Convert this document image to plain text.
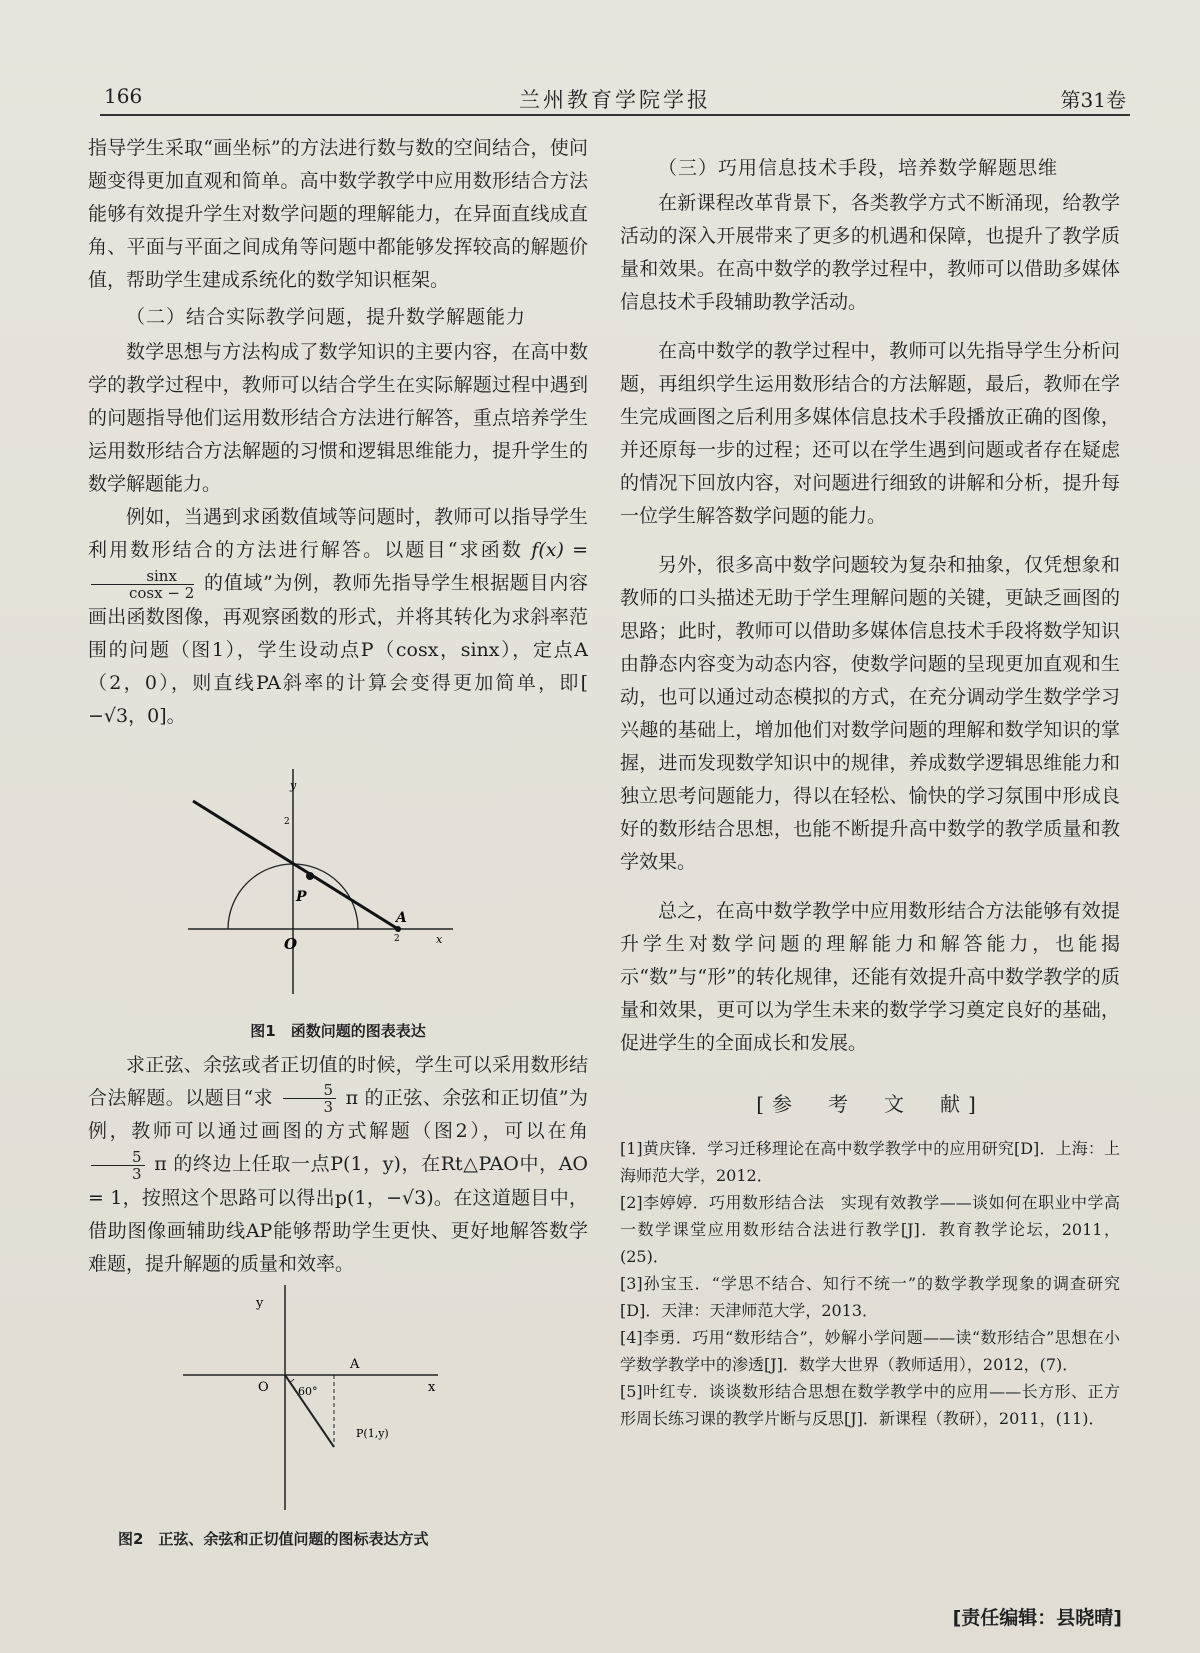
166	兰州教育学院学报	第31卷

指导学生采取“画坐标”的方法进行数与数的空间结合，使问题变得更加直观和简单。高中数学教学中应用数形结合方法能够有效提升学生对数学问题的理解能力，在异面直线成直角、平面与平面之间成角等问题中都能够发挥较高的解题价值，帮助学生建成系统化的数学知识框架。

（二）结合实际教学问题，提升数学解题能力

数学思想与方法构成了数学知识的主要内容，在高中数学的教学过程中，教师可以结合学生在实际解题过程中遇到的问题指导他们运用数形结合方法进行解答，重点培养学生运用数形结合方法解题的习惯和逻辑思维能力，提升学生的数学解题能力。

例如，当遇到求函数值域等问题时，教师可以指导学生利用数形结合的方法进行解答。以题目“求函数 f(x) =
$\frac{\sin x}{\cos x - 2}$ 的值域”为例，教师先指导学生根据题目内容画出函数图像，再观察函数的形式，并将其转化为求斜率范围的问题（图1），学生设动点P（cosx，sinx），定点A（2，0），则直线PA斜率的计算会变得更加简单，即[ −√3，0]。

y
x
O
P
A
2
2
图1　函数问题的图表表达

求正弦、余弦或者正切值的时候，学生可以采用数形结合法解题。以题目“求 $\frac{5}{3}$ π 的正弦、余弦和正切值”为例，教师可以通过画图的方式解题（图2），可以在角
$\frac{5}{3}$ π 的终边上任取一点P(1，y)，在Rt△PAO中，AO = 1，按照这个思路可以得出p(1，−√3)。在这道题目中，借助图像画辅助线AP能够帮助学生更快、更好地解答数学难题，提升解题的质量和效率。

y
x
O
A
60°
P(1,y)
图2　正弦、余弦和正切值问题的图标表达方式
（三）巧用信息技术手段，培养数学解题思维

在新课程改革背景下，各类教学方式不断涌现，给教学活动的深入开展带来了更多的机遇和保障，也提升了教学质量和效果。在高中数学的教学过程中，教师可以借助多媒体信息技术手段辅助教学活动。

在高中数学的教学过程中，教师可以先指导学生分析问题，再组织学生运用数形结合的方法解题，最后，教师在学生完成画图之后利用多媒体信息技术手段播放正确的图像，并还原每一步的过程；还可以在学生遇到问题或者存在疑虑的情况下回放内容，对问题进行细致的讲解和分析，提升每一位学生解答数学问题的能力。

另外，很多高中数学问题较为复杂和抽象，仅凭想象和教师的口头描述无助于学生理解问题的关键，更缺乏画图的思路；此时，教师可以借助多媒体信息技术手段将数学知识由静态内容变为动态内容，使数学问题的呈现更加直观和生动，也可以通过动态模拟的方式，在充分调动学生数学学习兴趣的基础上，增加他们对数学问题的理解和数学知识的掌握，进而发现数学知识中的规律，养成数学逻辑思维能力和独立思考问题能力，得以在轻松、愉快的学习氛围中形成良好的数形结合思想，也能不断提升高中数学的教学质量和教学效果。

总之，在高中数学教学中应用数形结合方法能够有效提升学生对数学问题的理解能力和解答能力，也能揭示“数”与“形”的转化规律，还能有效提升高中数学教学的质量和效果，更可以为学生未来的数学学习奠定良好的基础，促进学生的全面成长和发展。

[参　考　文　献]
[1]黄庆锋．学习迁移理论在高中数学教学中的应用研究[D]．上海：上海师范大学，2012．
[2]李婷婷．巧用数形结合法　实现有效教学——谈如何在职业中学高一数学课堂应用数形结合法进行教学[J]．教育教学论坛，2011，(25)．
[3]孙宝玉．“学思不结合、知行不统一”的数学教学现象的调查研究[D]．天津：天津师范大学，2013．
[4]李勇．巧用“数形结合”，妙解小学问题——读“数形结合”思想在小学数学教学中的渗透[J]．数学大世界（教师适用），2012，(7)．
[5]叶红专．谈谈数形结合思想在数学教学中的应用——长方形、正方形周长练习课的教学片断与反思[J]．新课程（教研），2011，(11)．
[责任编辑：县晓晴]
